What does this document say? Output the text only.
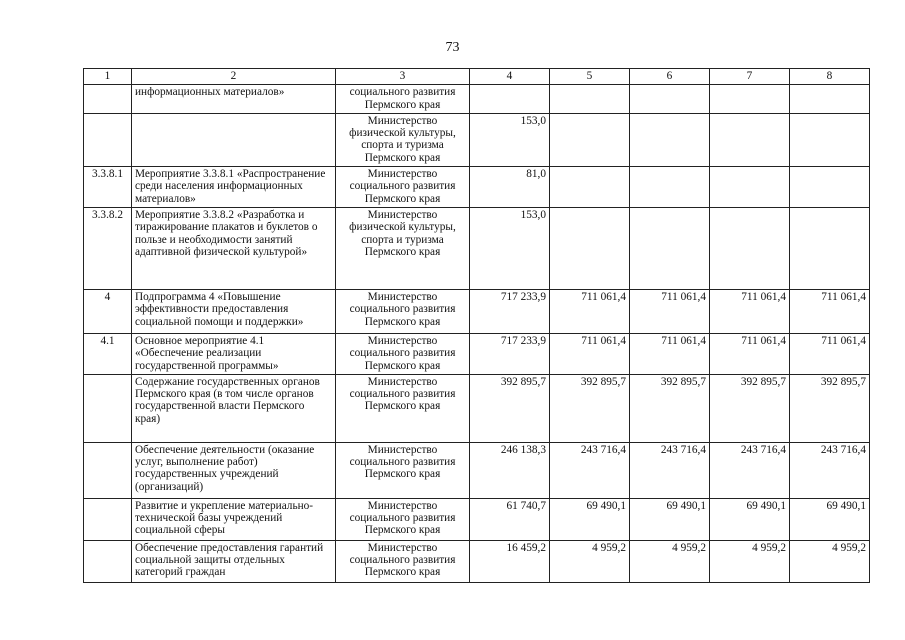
73
1	2	3	4	5	6	7	8
	информационных материалов»	социального развития Пермского края					
		Министерство физической культуры, спорта и туризма Пермского края	153,0				
3.3.8.1	Мероприятие 3.3.8.1 «Распространение среди населения информационных материалов»	Министерство социального развития Пермского края	81,0				
3.3.8.2	Мероприятие 3.3.8.2 «Разработка и тиражирование плакатов и буклетов о пользе и необходимости занятий адаптивной физической культурой»	Министерство физической культуры, спорта и туризма Пермского края	153,0				
4	Подпрограмма 4 «Повышение эффективности предоставления социальной помощи и поддержки»	Министерство социального развития Пермского края	717 233,9	711 061,4	711 061,4	711 061,4	711 061,4
4.1	Основное мероприятие 4.1 «Обеспечение реализации государственной программы»	Министерство социального развития Пермского края	717 233,9	711 061,4	711 061,4	711 061,4	711 061,4
	Содержание государственных органов Пермского края (в том числе органов государственной власти Пермского края)	Министерство социального развития Пермского края	392 895,7	392 895,7	392 895,7	392 895,7	392 895,7
	Обеспечение деятельности (оказание услуг, выполнение работ) государственных учреждений (организаций)	Министерство социального развития Пермского края	246 138,3	243 716,4	243 716,4	243 716,4	243 716,4
	Развитие и укрепление материально-технической базы учреждений социальной сферы	Министерство социального развития Пермского края	61 740,7	69 490,1	69 490,1	69 490,1	69 490,1
	Обеспечение предоставления гарантий социальной защиты отдельных категорий граждан	Министерство социального развития Пермского края	16 459,2	4 959,2	4 959,2	4 959,2	4 959,2
